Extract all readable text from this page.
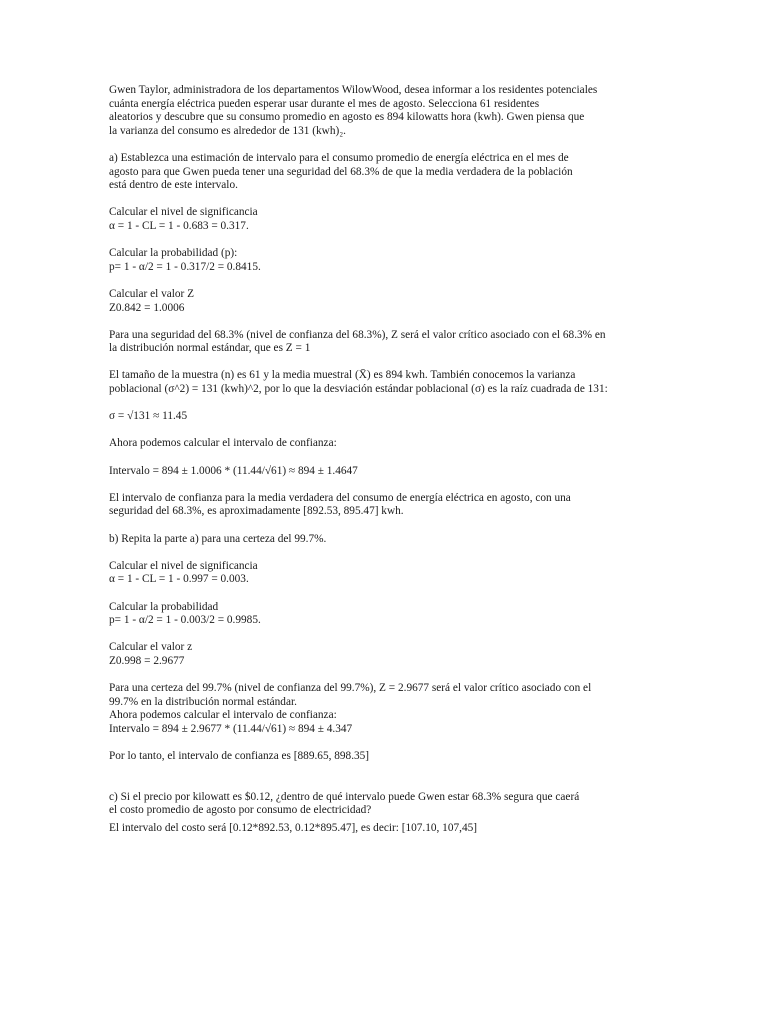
Gwen Taylor, administradora de los departamentos WilowWood, desea informar a los residentes potenciales
cuánta energía eléctrica pueden esperar usar durante el mes de agosto. Selecciona 61 residentes
aleatorios y descubre que su consumo promedio en agosto es 894 kilowatts hora (kwh). Gwen piensa que
la varianza del consumo es alrededor de 131 (kwh)₂.
a) Establezca una estimación de intervalo para el consumo promedio de energía eléctrica en el mes de
agosto para que Gwen pueda tener una seguridad del 68.3% de que la media verdadera de la población
está dentro de este intervalo.
Calcular el nivel de significancia
α = 1 - CL = 1 - 0.683 = 0.317.
Calcular la probabilidad (p):
p= 1 - α/2 = 1 - 0.317/2 = 0.8415.
Calcular el valor Z
Z0.842 = 1.0006
Para una seguridad del 68.3% (nivel de confianza del 68.3%), Z será el valor crítico asociado con el 68.3% en
la distribución normal estándar, que es Z = 1
El tamaño de la muestra (n) es 61 y la media muestral (X̄) es 894 kwh. También conocemos la varianza
poblacional (σ^2) = 131 (kwh)^2, por lo que la desviación estándar poblacional (σ) es la raíz cuadrada de 131:
σ = √131 ≈ 11.45
Ahora podemos calcular el intervalo de confianza:
Intervalo = 894 ± 1.0006 * (11.44/√61) ≈ 894 ± 1.4647
El intervalo de confianza para la media verdadera del consumo de energía eléctrica en agosto, con una
seguridad del 68.3%, es aproximadamente [892.53, 895.47] kwh.
b) Repita la parte a) para una certeza del 99.7%.
Calcular el nivel de significancia
α = 1 - CL = 1 - 0.997 = 0.003.
Calcular la probabilidad
p= 1 - α/2 = 1 - 0.003/2 = 0.9985.
Calcular el valor z
Z0.998 = 2.9677
Para una certeza del 99.7% (nivel de confianza del 99.7%), Z = 2.9677 será el valor crítico asociado con el
99.7% en la distribución normal estándar.
Ahora podemos calcular el intervalo de confianza:
Intervalo = 894 ± 2.9677 * (11.44/√61) ≈ 894 ± 4.347
Por lo tanto, el intervalo de confianza es [889.65, 898.35]
c) Si el precio por kilowatt es $0.12, ¿dentro de qué intervalo puede Gwen estar 68.3% segura que caerá
el costo promedio de agosto por consumo de electricidad?
El intervalo del costo será [0.12*892.53, 0.12*895.47], es decir: [107.10, 107,45]
